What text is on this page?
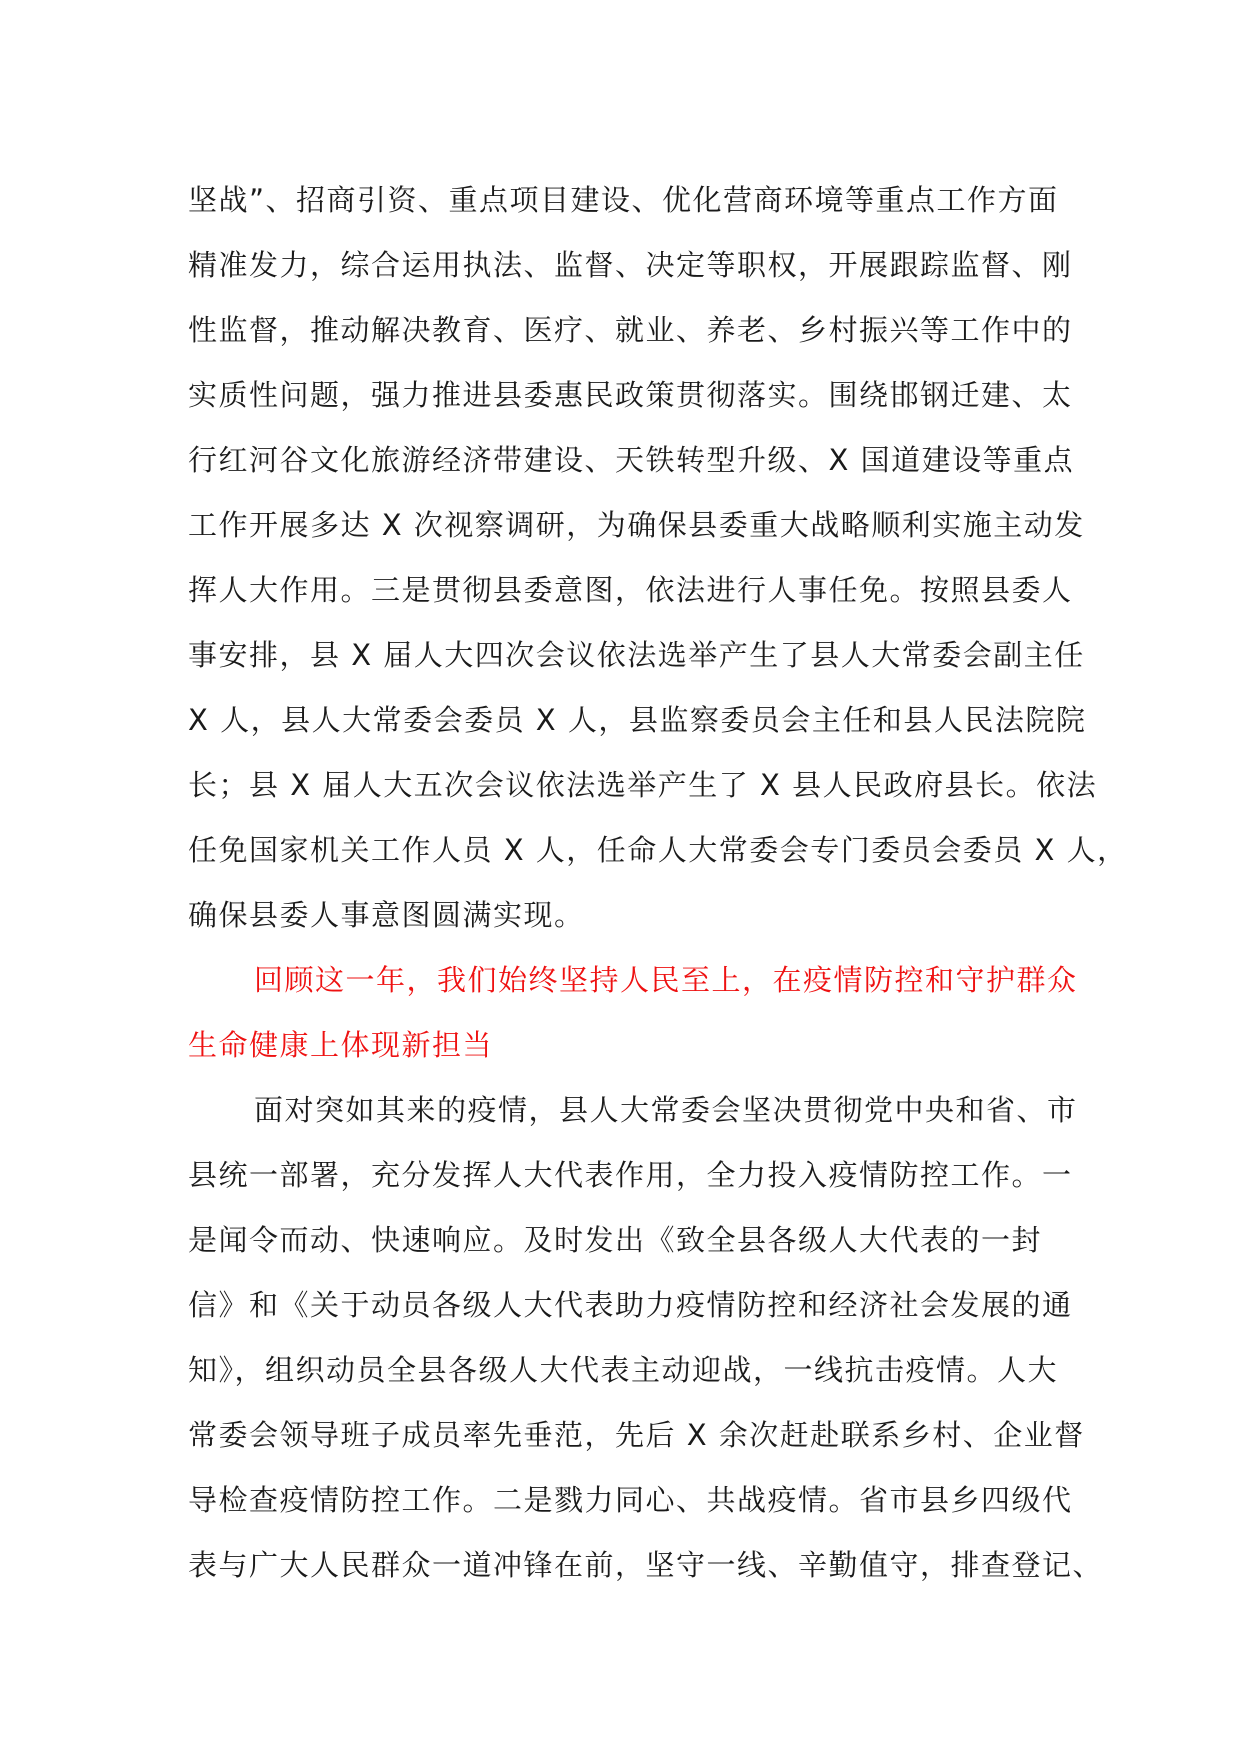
坚战”、招商引资、重点项目建设、优化营商环境等重点工作方面
精准发力，综合运用执法、监督、决定等职权，开展跟踪监督、刚
性监督，推动解决教育、医疗、就业、养老、乡村振兴等工作中的
实质性问题，强力推进县委惠民政策贯彻落实。围绕邯钢迁建、太
行红河谷文化旅游经济带建设、天铁转型升级、X 国道建设等重点
工作开展多达 X 次视察调研，为确保县委重大战略顺利实施主动发
挥人大作用。三是贯彻县委意图，依法进行人事任免。按照县委人
事安排，县 X 届人大四次会议依法选举产生了县人大常委会副主任
X 人，县人大常委会委员 X 人，县监察委员会主任和县人民法院院
长；县 X 届人大五次会议依法选举产生了 X 县人民政府县长。依法
任免国家机关工作人员 X 人，任命人大常委会专门委员会委员 X 人，
确保县委人事意图圆满实现。
回顾这一年，我们始终坚持人民至上，在疫情防控和守护群众
生命健康上体现新担当
面对突如其来的疫情，县人大常委会坚决贯彻党中央和省、市
县统一部署，充分发挥人大代表作用，全力投入疫情防控工作。一
是闻令而动、快速响应。及时发出《致全县各级人大代表的一封
信》和《关于动员各级人大代表助力疫情防控和经济社会发展的通
知》，组织动员全县各级人大代表主动迎战，一线抗击疫情。人大
常委会领导班子成员率先垂范，先后 X 余次赶赴联系乡村、企业督
导检查疫情防控工作。二是戮力同心、共战疫情。省市县乡四级代
表与广大人民群众一道冲锋在前，坚守一线、辛勤值守，排查登记、
